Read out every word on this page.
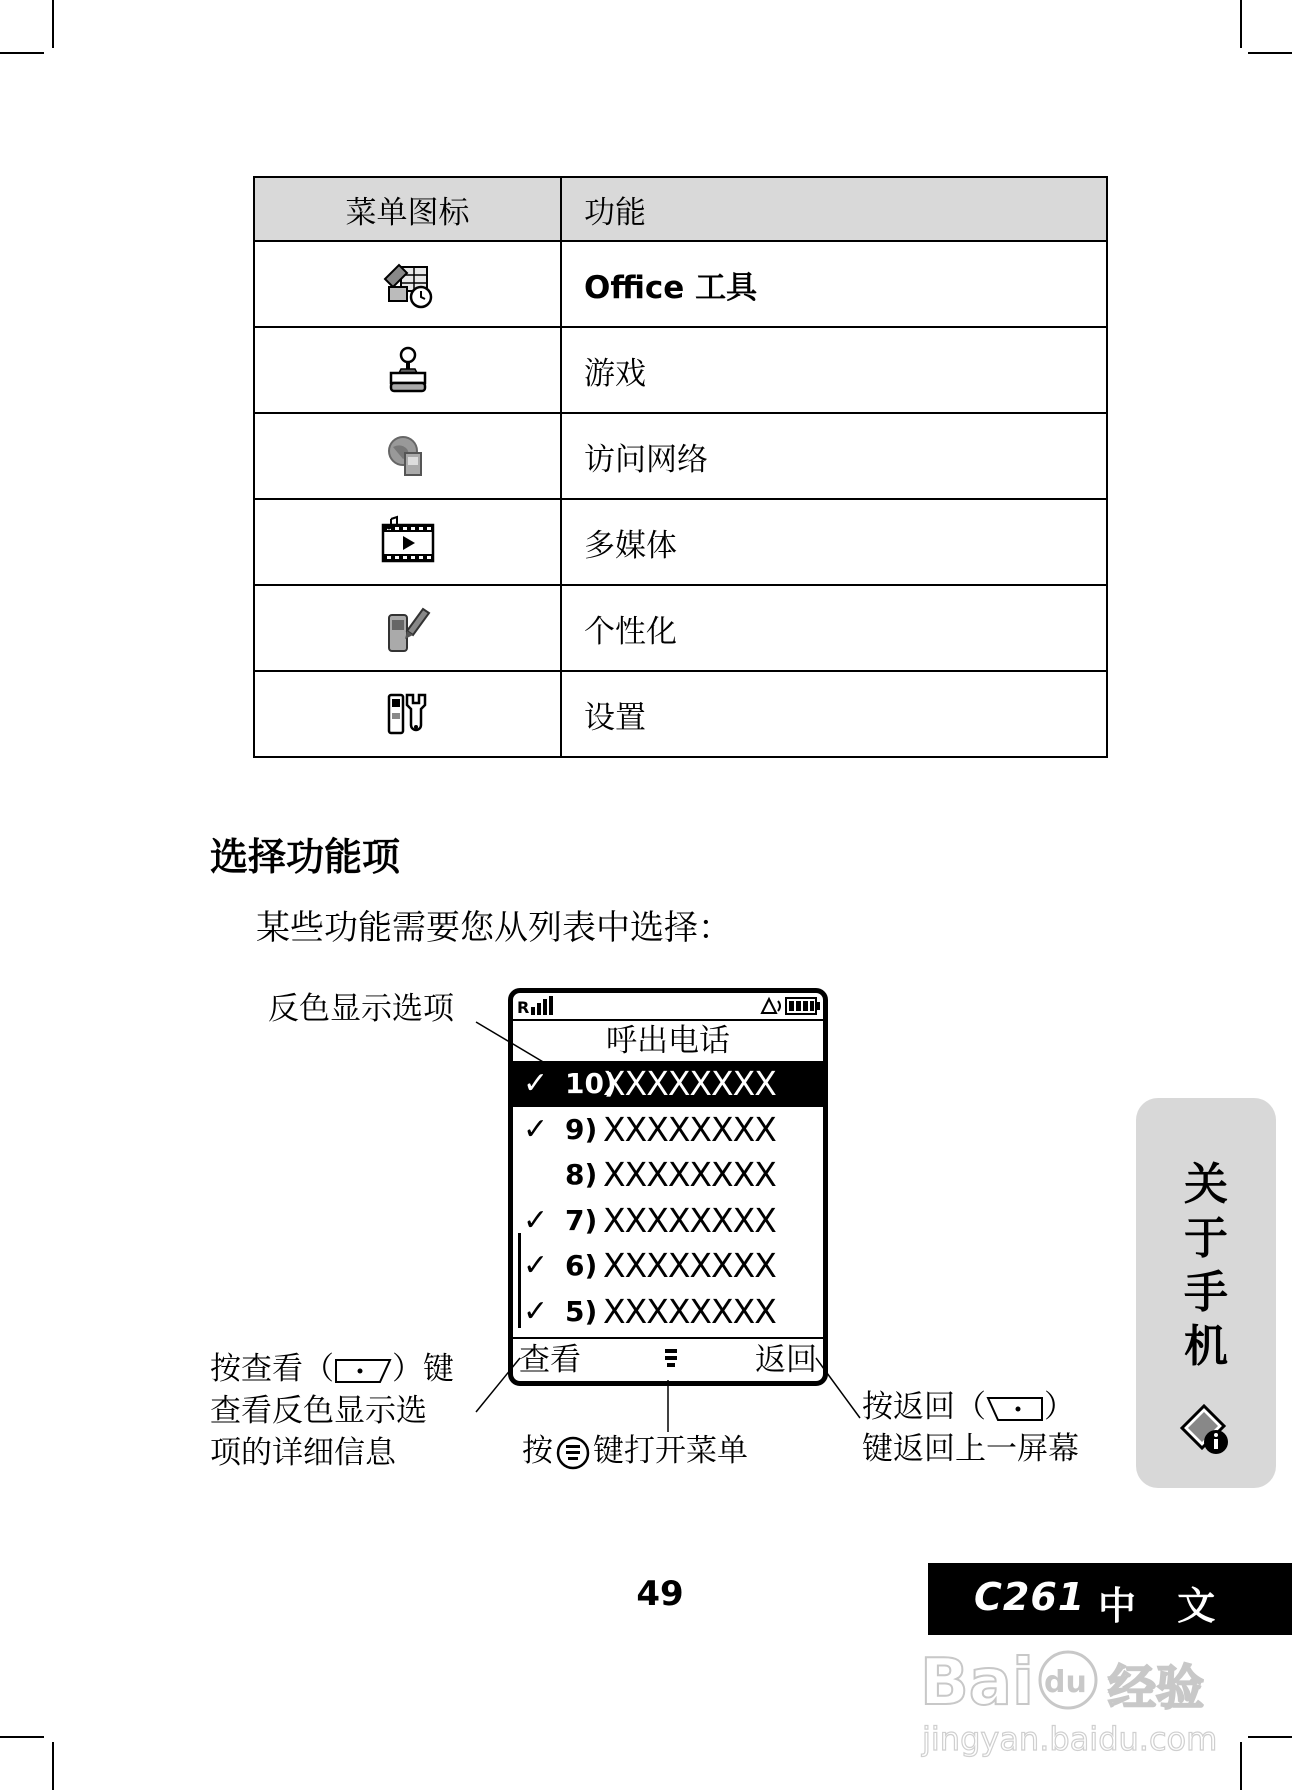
菜单图标	功能
	Office 工具
	游戏
	访问网络
	多媒体
	个性化
	设置
选择功能项

某些功能需要您从列表中选择：

R
呼出电话
✓ 10)
XXXXXXXX
✓ 9) XXXXXXXX
8) XXXXXXXX
✓ 7) XXXXXXXX
✓ 6) XXXXXXXX
✓ 5) XXXXXXXX
查看	返回
反色显示选项
按查看（ ）键
查看反色显示选
项的详细信息	按 键打开菜单
按返回（ ）
键返回上一屏幕
关
于
手
机
49	C261 中 文
Bai du 经验
jingyan.baidu.com
